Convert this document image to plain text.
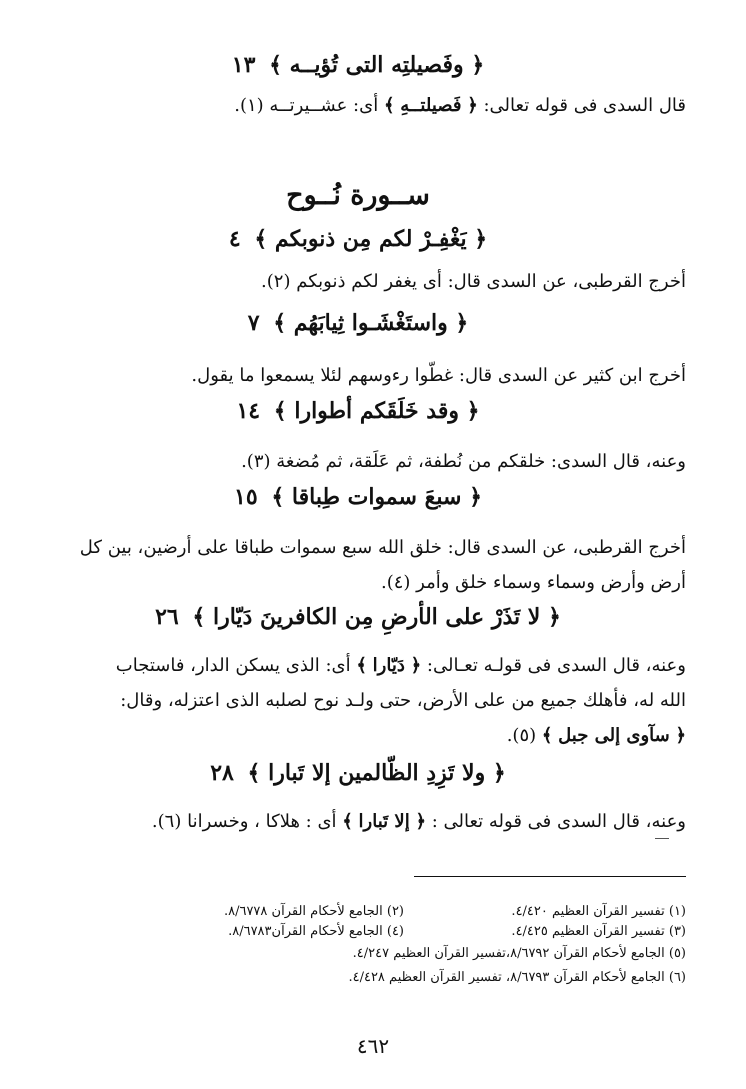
﴿ وفَصيلتِه التى تُؤيــه ﴾ ١٣
قال السدى فى قوله تعالى: ﴿ فَصيلتــهِ ﴾ أى: عشــيرتــه (١).
ســورة نُــوح
﴿ يَغْفِـرْ لكم مِن ذنوبكم ﴾ ٤
أخرج القرطبى، عن السدى قال: أى يغفر لكم ذنوبكم (٢).
﴿ واستَغْشَـوا ثِيابَهُم ﴾ ٧
أخرج ابن كثير عن السدى قال: غطّوا رءوسهم لئلا يسمعوا ما يقول.
﴿ وقد خَلَقَكم أطوارا ﴾ ١٤
وعنه، قال السدى: خلقكم من نُطفة، ثم عَلَقة، ثم مُضغة (٣).
﴿ سبعَ سموات طِباقا ﴾ ١٥
أخرج القرطبى، عن السدى قال: خلق الله سبع سموات طباقا على أرضين، بين كل
أرض وأرض وسماء وسماء خلق وأمر (٤).
﴿ لا تَذَرْ على الأرضِ مِن الكافرينَ دَيّارا ﴾ ٢٦
وعنه، قال السدى فى قولـه تعـالى: ﴿ دَيّارا ﴾ أى: الذى يسكن الدار، فاستجاب
الله له، فأهلك جميع من على الأرض، حتى ولـد نوح لصلبه الذى اعتزله، وقال:
﴿ سآوى إلى جبل ﴾ (٥).
﴿ ولا تَزِدِ الظّالمين إلا تَبارا ﴾ ٢٨
وعنه، قال السدى فى قوله تعالى : ﴿ إلا تَبارا ﴾ أى : هلاكا ، وخسرانا (٦).
(١) تفسير القرآن العظيم ٤/٤٢٠.
(٢) الجامع لأحكام القرآن ٨/٦٧٧٨.
(٣) تفسير القرآن العظيم ٤/٤٢٥.
(٤) الجامع لأحكام القرآن٨/٦٧٨٣.
(٥) الجامع لأحكام القرآن ٨/٦٧٩٢،تفسير القرآن العظيم ٤/٢٤٧.
(٦) الجامع لأحكام القرآن ٨/٦٧٩٣، تفسير القرآن العظيم ٤/٤٢٨.
٤٦٢
